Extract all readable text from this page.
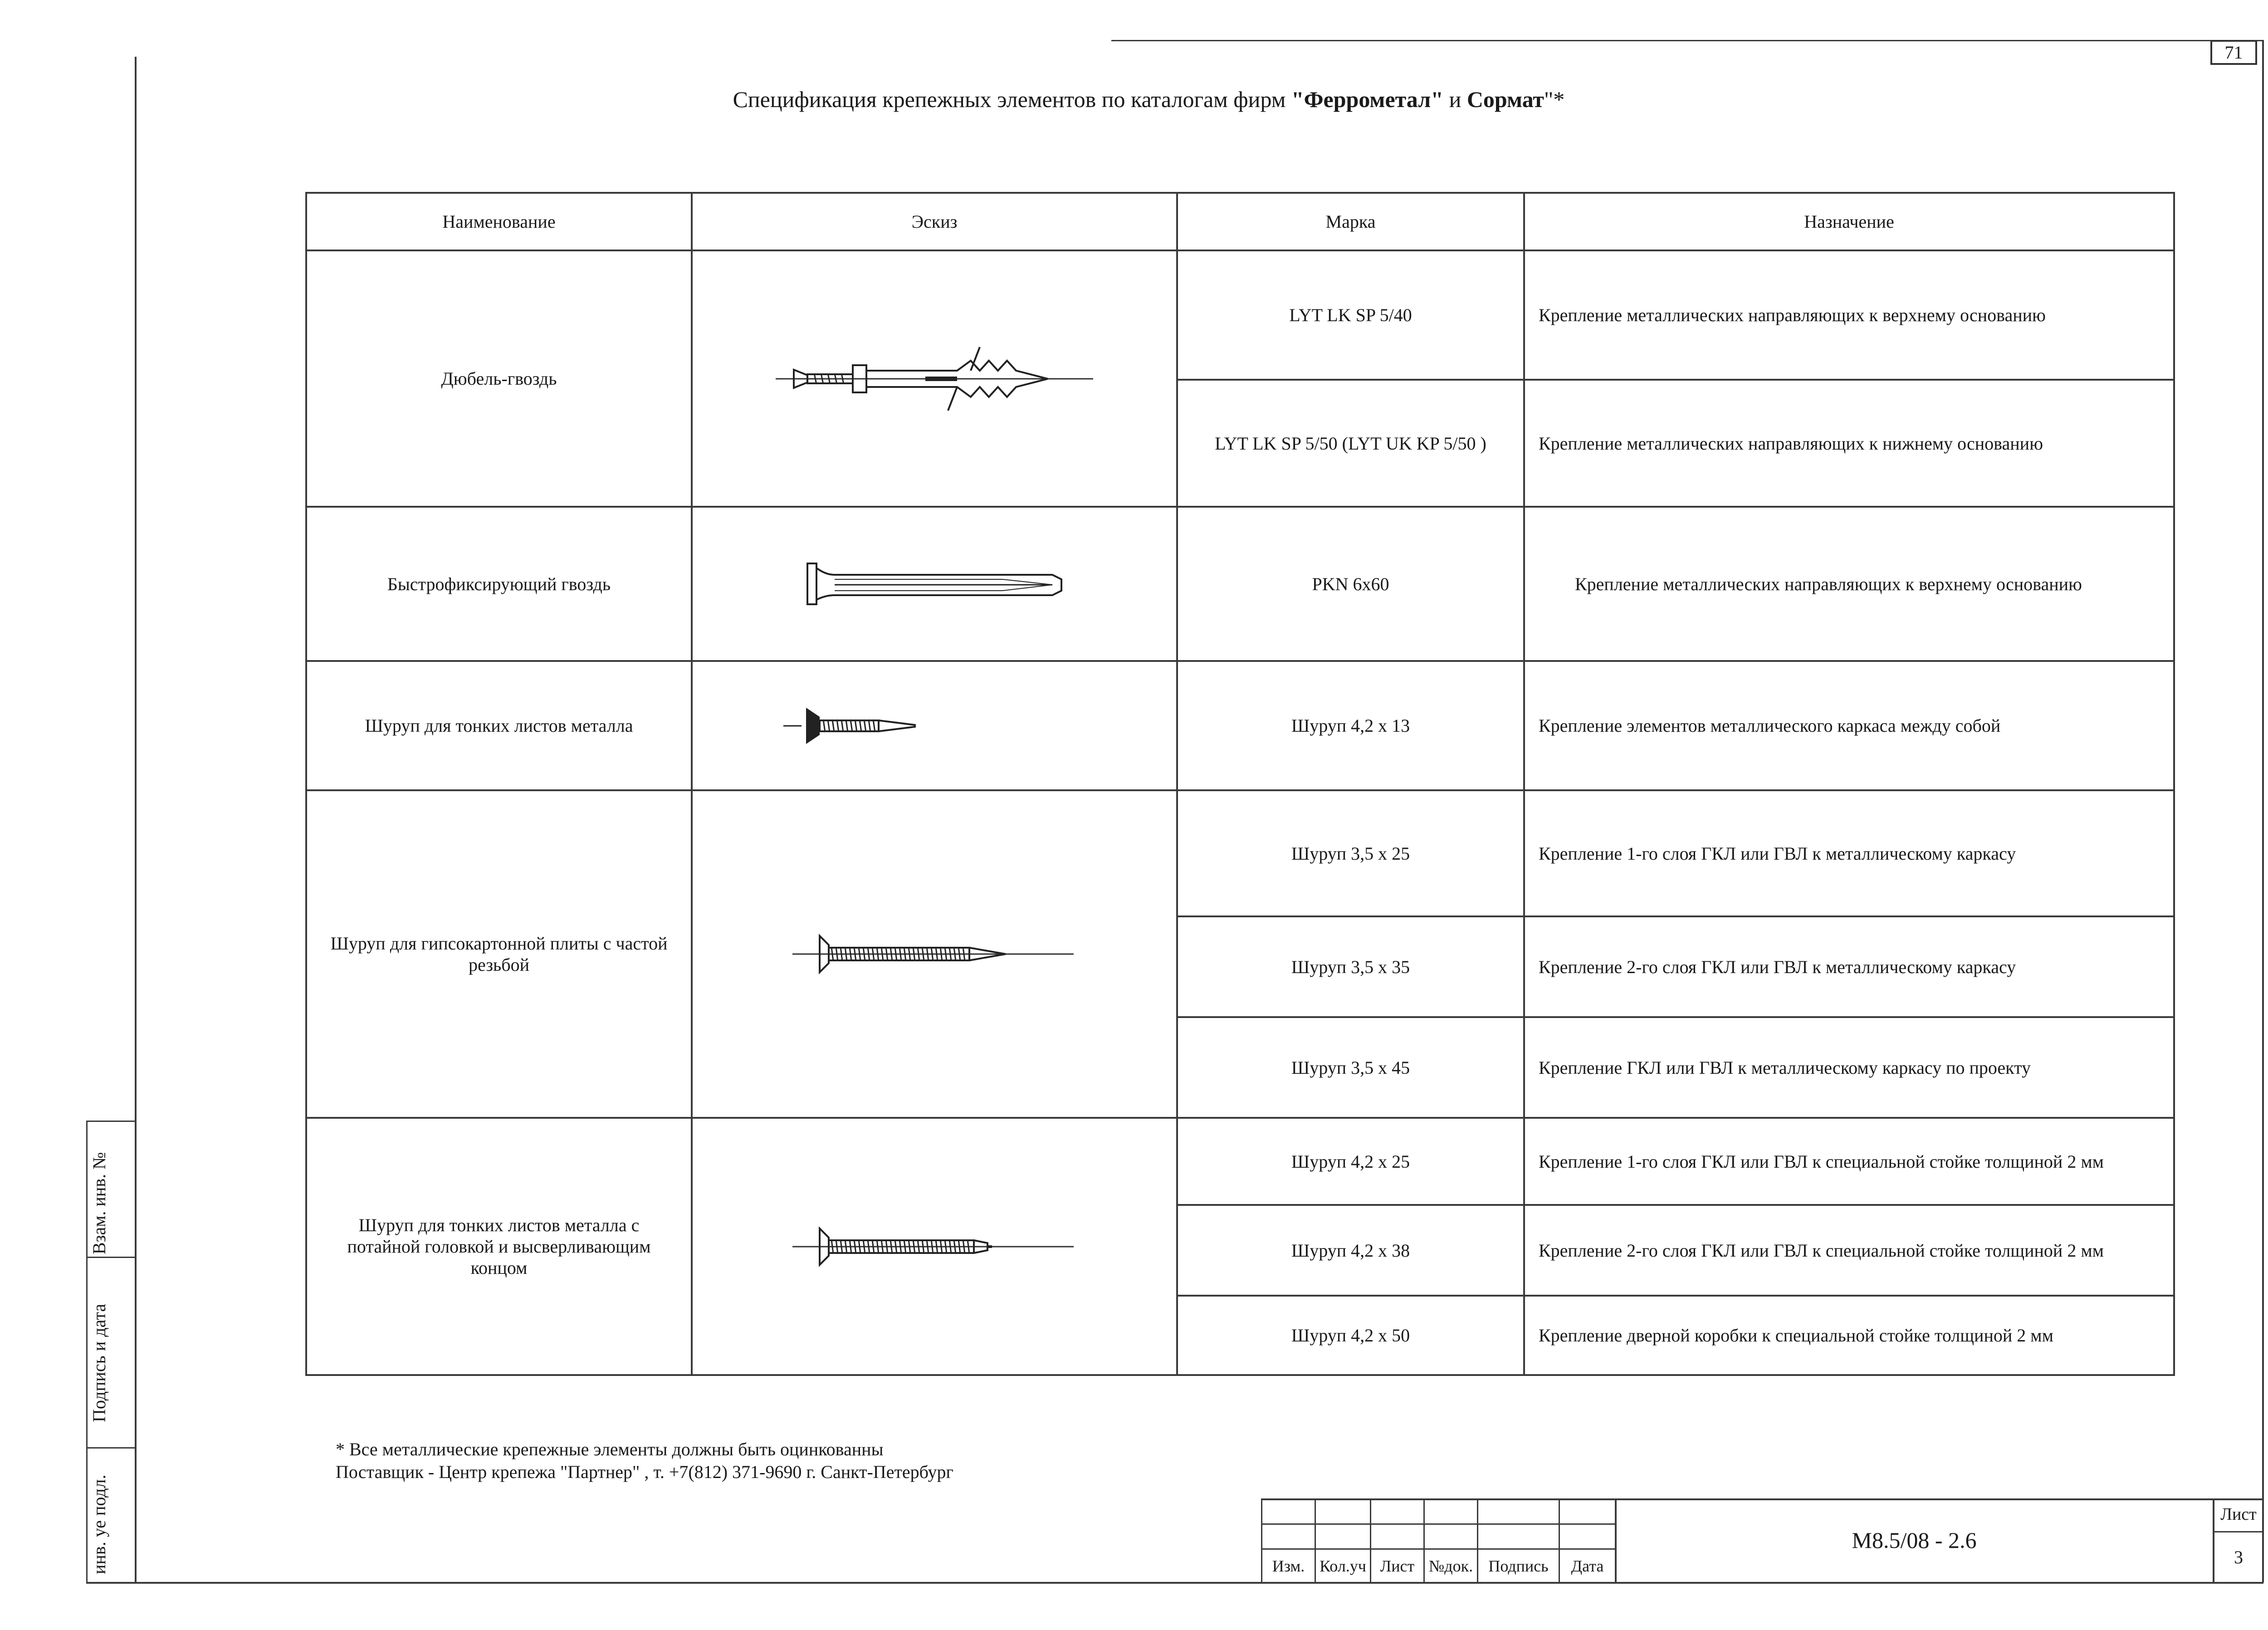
71
Спецификация крепежных элементов по каталогам фирм "Феррометал" и Сормат"*
Наименование	Эскиз	Марка	Назначение
Дюбель-гвоздь		LYT LK SP 5/40	Крепление металлических направляющих к верхнему основанию
		LYT LK SP 5/50 (LYT UK KP 5/50 )	Крепление металлических направляющих к нижнему основанию
Быстрофиксирующий гвоздь		PKN 6x60	Крепление металлических направляющих к верхнему основанию
Шуруп для тонких листов металла		Шуруп 4,2 x 13	Крепление элементов металлического каркаса между собой
Шуруп для гипсокартонной плиты с частой резьбой		Шуруп 3,5 x 25	Крепление 1-го слоя ГКЛ или ГВЛ к металлическому каркасу
		Шуруп 3,5 x 35	Крепление 2-го слоя ГКЛ или ГВЛ к металлическому каркасу
		Шуруп 3,5 x 45	Крепление ГКЛ или ГВЛ к металлическому каркасу по проекту
Шуруп для тонких листов металла с потайной головкой и высверливающим концом		Шуруп 4,2 x 25	Крепление 1-го слоя ГКЛ или ГВЛ к специальной стойке толщиной 2 мм
		Шуруп 4,2 x 38	Крепление 2-го слоя ГКЛ или ГВЛ к специальной стойке толщиной 2 мм
		Шуруп 4,2 x 50	Крепление дверной коробки к специальной стойке толщиной 2 мм
* Все металлические крепежные элементы должны быть оцинкованны
Поставщик - Центр крепежа "Партнер" , т. +7(812) 371-9690 г. Санкт-Петербург
Взам. инв. №
Подпись и дата
инв. уе подл.

						Изм.	Кол.уч	Лист	№док.	Подпись	Дата
М8.5/08 - 2.6
Лист
3
